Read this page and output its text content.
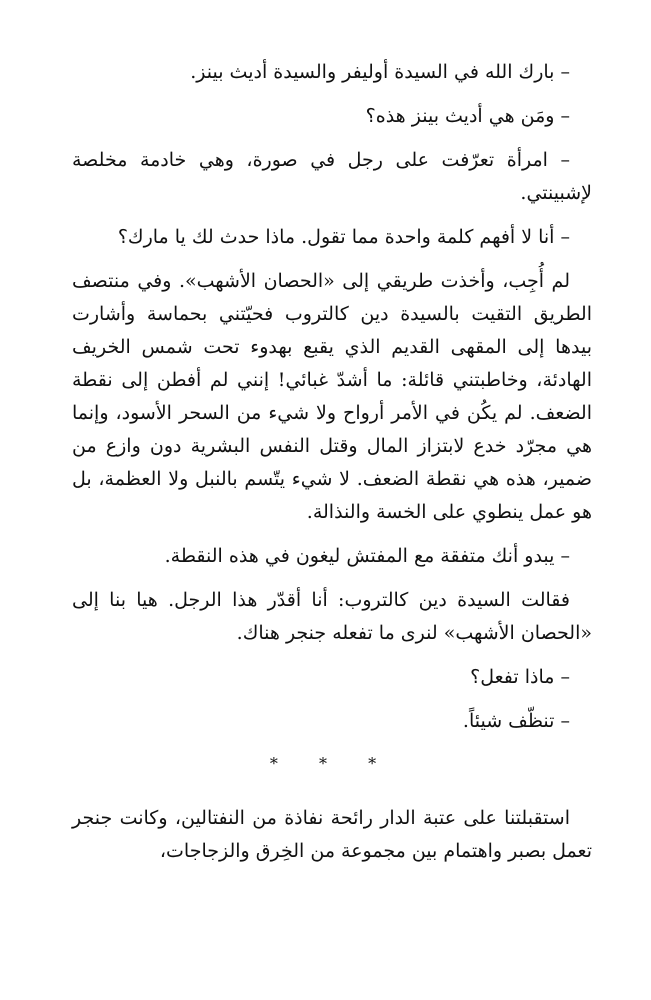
– بارك الله في السيدة أوليفر والسيدة أديث بينز.

– ومَن هي أديث بينز هذه؟

– امرأة تعرّفت على رجل في صورة، وهي خادمة مخلصة لإشبينتي.

– أنا لا أفهم كلمة واحدة مما تقول. ماذا حدث لك يا مارك؟

لم أُجِب، وأخذت طريقي إلى «الحصان الأشهب». وفي منتصف الطريق التقيت بالسيدة دين كالتروب فحيّتني بحماسة وأشارت بيدها إلى المقهى القديم الذي يقبع بهدوء تحت شمس الخريف الهادئة، وخاطبتني قائلة: ما أشدّ غبائي! إنني لم أفطن إلى نقطة الضعف. لم يكُن في الأمر أرواح ولا شيء من السحر الأسود، وإنما هي مجرّد خدع لابتزاز المال وقتل النفس البشرية دون وازع من ضمير، هذه هي نقطة الضعف. لا شيء يتّسم بالنبل ولا العظمة، بل هو عمل ينطوي على الخسة والنذالة.

– يبدو أنك متفقة مع المفتش ليغون في هذه النقطة.

فقالت السيدة دين كالتروب: أنا أقدّر هذا الرجل. هيا بنا إلى «الحصان الأشهب» لنرى ما تفعله جنجر هناك.

– ماذا تفعل؟

– تنظّف شيئاً.

* * *

استقبلتنا على عتبة الدار رائحة نفاذة من النفتالين، وكانت جنجر تعمل بصبر واهتمام بين مجموعة من الخِرق والزجاجات،
